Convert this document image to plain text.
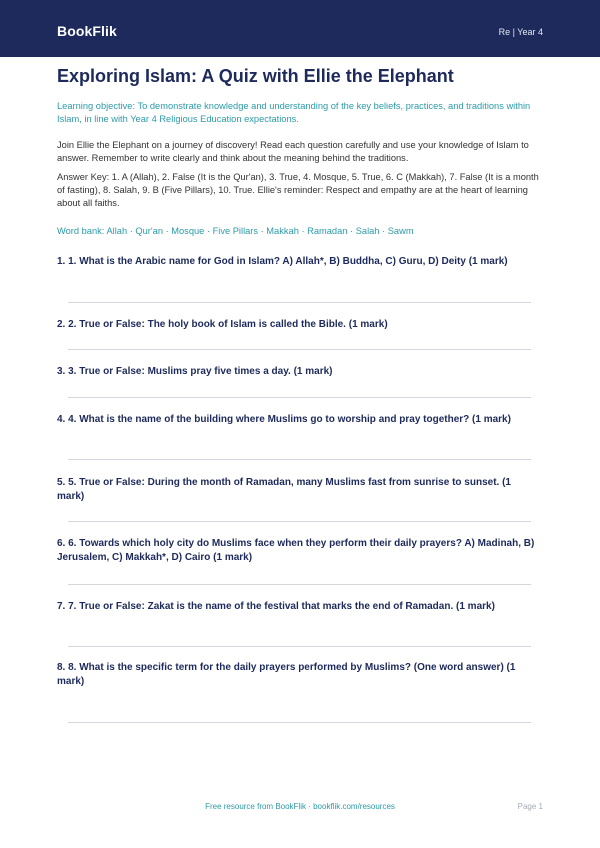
BookFlik	Re | Year 4
Exploring Islam: A Quiz with Ellie the Elephant
Learning objective: To demonstrate knowledge and understanding of the key beliefs, practices, and traditions within Islam, in line with Year 4 Religious Education expectations.
Join Ellie the Elephant on a journey of discovery! Read each question carefully and use your knowledge of Islam to answer. Remember to write clearly and think about the meaning behind the traditions.
Answer Key: 1. A (Allah), 2. False (It is the Qur'an), 3. True, 4. Mosque, 5. True, 6. C (Makkah), 7. False (It is a month of fasting), 8. Salah, 9. B (Five Pillars), 10. True. Ellie's reminder: Respect and empathy are at the heart of learning about all faiths.
Word bank: Allah · Qur'an · Mosque · Five Pillars · Makkah · Ramadan · Salah · Sawm
1. 1. What is the Arabic name for God in Islam? A) Allah*, B) Buddha, C) Guru, D) Deity (1 mark)
2. 2. True or False: The holy book of Islam is called the Bible. (1 mark)
3. 3. True or False: Muslims pray five times a day. (1 mark)
4. 4. What is the name of the building where Muslims go to worship and pray together? (1 mark)
5. 5. True or False: During the month of Ramadan, many Muslims fast from sunrise to sunset. (1 mark)
6. 6. Towards which holy city do Muslims face when they perform their daily prayers? A) Madinah, B) Jerusalem, C) Makkah*, D) Cairo (1 mark)
7. 7. True or False: Zakat is the name of the festival that marks the end of Ramadan. (1 mark)
8. 8. What is the specific term for the daily prayers performed by Muslims? (One word answer) (1 mark)
Free resource from BookFlik · bookflik.com/resources	Page 1
